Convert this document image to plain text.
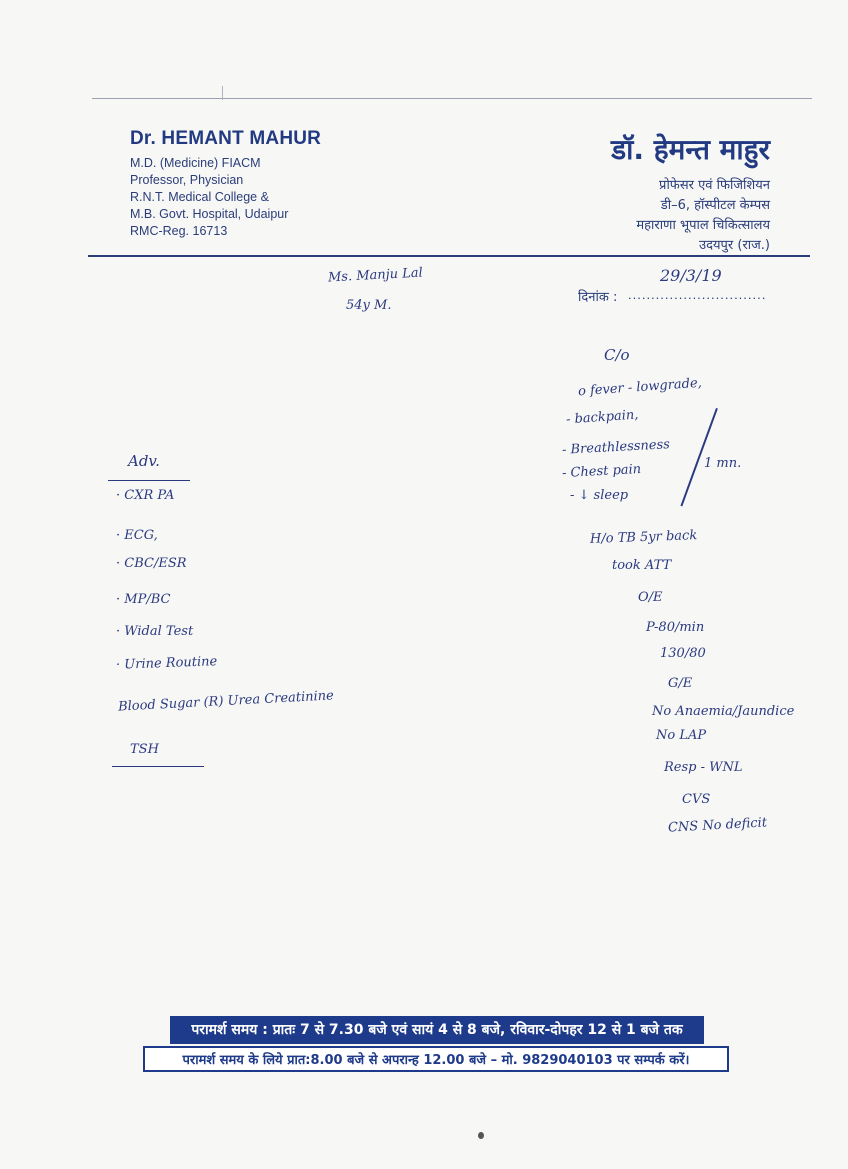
Dr. HEMANT MAHUR
M.D. (Medicine) FIACM
Professor, Physician
R.N.T. Medical College &
M.B. Govt. Hospital, Udaipur
RMC-Reg. 16713
डॉ. हेमन्त माहुर
प्रोफेसर एवं फिजिशियन
डी–6, हॉस्पीटल केम्पस
महाराणा भूपाल चिकित्सालय
उदयपुर (राज.)
दिनांक : ..............................
29/3/19
Ms. Manju Lal
54y M.
C/o
o fever - lowgrade,
- backpain,
- Breathlessness
- Chest pain
- ↓ sleep
1 mn.
H/o TB 5yr back
took ATT
O/E
P-80/min
130/80
G/E
No Anaemia/Jaundice
No LAP
Resp - WNL
CVS
CNS No deficit
Adv.
· CXR PA
· ECG,
· CBC/ESR
· MP/BC
· Widal Test
· Urine Routine
Blood Sugar (R) Urea Creatinine
TSH
परामर्श समय : प्रातः 7 से 7.30 बजे एवं सायं 4 से 8 बजे, रविवार-दोपहर 12 से 1 बजे तक
परामर्श समय के लिये प्रात:8.00 बजे से अपरान्ह 12.00 बजे – मो. 9829040103 पर सम्पर्क करें।
